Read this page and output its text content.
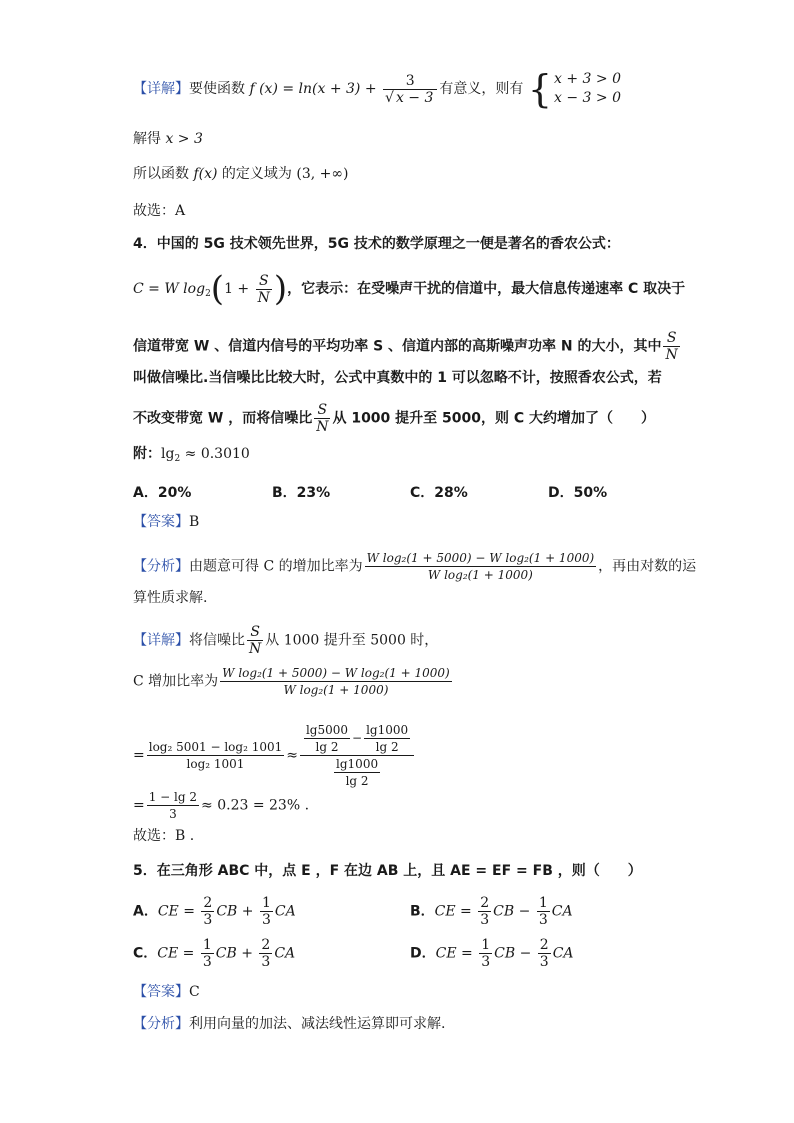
【详解】要使函数 f $(x) = \ln(x + 3) + \frac{3}{√ x - 3}$ 有意义，则有 { x + 3 > 0
x − 3 > 0
解得 x > 3
所以函数 f(x) 的定义域为 (3, +∞)
故选：A
4．中国的 5G 技术领先世界，5G 技术的数学原理之一便是著名的香农公式：
C = W $\log_2(1 + \frac{S}{N}$ )，它表示：在受噪声干扰的信道中，最大信息传递速率 C 取决于
信道带宽 W 、信道内信号的平均功率 S 、信道内部的高斯噪声功率 N 的大小，其中 $\frac{S}{N}$
叫做信噪比.当信噪比比较大时，公式中真数中的 1 可以忽略不计，按照香农公式，若
不改变带宽 W ，而将信噪比 $\frac{S}{N}$ 从 1000 提升至 5000，则 C 大约增加了（　　）
附：$\lg_2 \approx 0.3010$
A．20%	B．23%	C．28%	D．50%
【答案】B
【分析】由题意可得 C 的增加比率为 $\frac{\text{W log₂(1 + 5000) − W log₂(1 + 1000)}}{\text{W log₂(1 + 1000)}}$ ，再由对数的运
算性质求解.
【详解】将信噪比 $\frac{S}{N}$ 从 1000 提升至 5000 时，
C 增加比率为 $\frac{\text{W log₂(1 + 5000) − W log₂(1 + 1000)}}{\text{W log₂(1 + 1000)}}$
= $\frac{\text{log₂ 5001 − log₂ 1001}}{\text{log₂ 1001}} \approx \frac{\frac{\lg 5000}{\lg 2} - \frac{\lg 1000}{\lg 2}}{\frac{\lg 1000}{\lg 2}}$
= $\frac{1 - \lg 2}{3} \approx 0.23 = 23\%$ .
故选：B .
5．在三角形 ABC 中，点 E ，F 在边 AB 上，且 AE = EF = FB ，则（　　）
A．CE = $\frac{2}{3}$ CB + $\frac{1}{3}$ CA	B．CE = $\frac{2}{3}$ CB − $\frac{1}{3}$ CA
C．CE = $\frac{1}{3}$ CB + $\frac{2}{3}$ CA	D．CE = $\frac{1}{3}$ CB − $\frac{2}{3}$ CA
【答案】C
【分析】利用向量的加法、减法线性运算即可求解.
